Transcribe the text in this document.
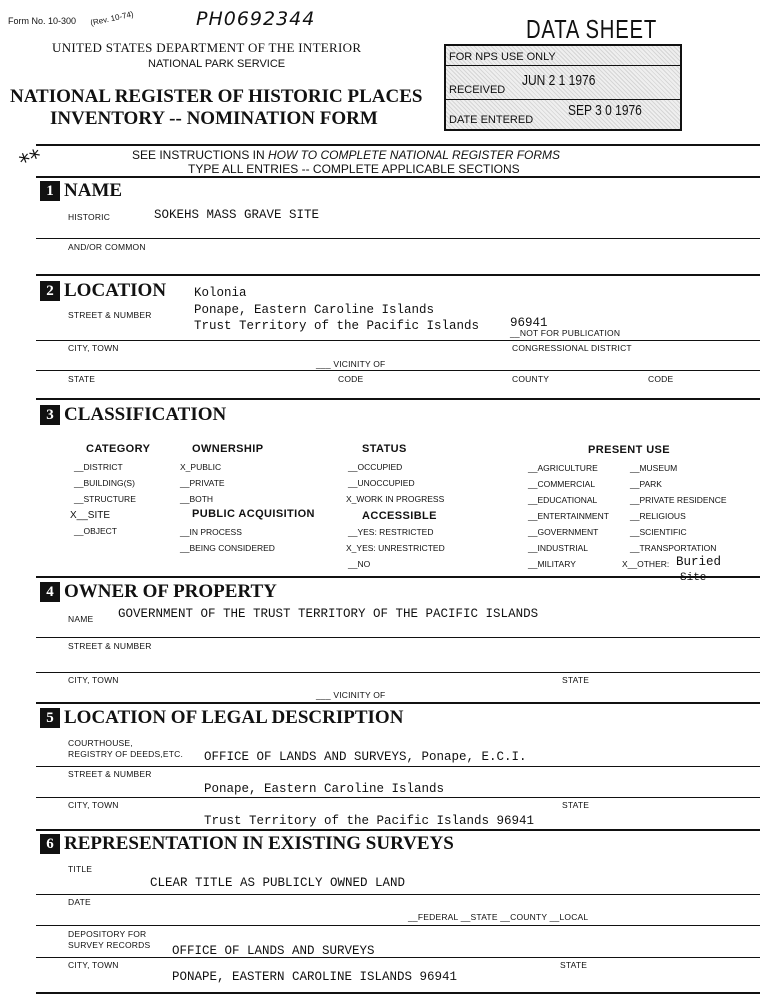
Form No. 10-300 (Rev. 10-74)	PH0692344
UNITED STATES DEPARTMENT OF THE INTERIOR
NATIONAL PARK SERVICE
NATIONAL REGISTER OF HISTORIC PLACES
INVENTORY -- NOMINATION FORM
DATA SHEET
FOR NPS USE ONLY
RECEIVED
JUN 2 1 1976
DATE ENTERED
SEP 3 0 1976
SEE INSTRUCTIONS IN HOW TO COMPLETE NATIONAL REGISTER FORMS
TYPE ALL ENTRIES -- COMPLETE APPLICABLE SECTIONS
**
1 NAME
HISTORIC	SOKEHS MASS GRAVE SITE
AND/OR COMMON
2 LOCATION
STREET & NUMBER
Kolonia
Ponape, Eastern Caroline Islands
Trust Territory of the Pacific Islands 96941
__NOT FOR PUBLICATION
CITY, TOWN	CONGRESSIONAL DISTRICT
___ VICINITY OF
STATE	CODE	COUNTY	CODE
3 CLASSIFICATION
CATEGORY
__DISTRICT
__BUILDING(S)
__STRUCTURE
X__SITE
__OBJECT
OWNERSHIP
X_PUBLIC
__PRIVATE
__BOTH
PUBLIC ACQUISITION
__IN PROCESS
__BEING CONSIDERED
STATUS
__OCCUPIED
__UNOCCUPIED
X_WORK IN PROGRESS
ACCESSIBLE
__YES: RESTRICTED
X_YES: UNRESTRICTED
__NO
PRESENT USE
__AGRICULTURE
__COMMERCIAL
__EDUCATIONAL
__ENTERTAINMENT
__GOVERNMENT
__INDUSTRIAL
__MILITARY
__MUSEUM
__PARK
__PRIVATE RESIDENCE
__RELIGIOUS
__SCIENTIFIC
__TRANSPORTATION
X__OTHER: Buried
Site
4 OWNER OF PROPERTY
NAME GOVERNMENT OF THE TRUST TERRITORY OF THE PACIFIC ISLANDS
STREET & NUMBER
CITY, TOWN	STATE
___ VICINITY OF
5 LOCATION OF LEGAL DESCRIPTION
COURTHOUSE,
REGISTRY OF DEEDS,ETC. OFFICE OF LANDS AND SURVEYS, Ponape, E.C.I.
STREET & NUMBER
Ponape, Eastern Caroline Islands
CITY, TOWN	STATE
Trust Territory of the Pacific Islands 96941
6 REPRESENTATION IN EXISTING SURVEYS
TITLE
CLEAR TITLE AS PUBLICLY OWNED LAND
DATE
__FEDERAL __STATE __COUNTY __LOCAL
DEPOSITORY FOR
SURVEY RECORDS OFFICE OF LANDS AND SURVEYS
CITY, TOWN	STATE
PONAPE, EASTERN CAROLINE ISLANDS 96941
